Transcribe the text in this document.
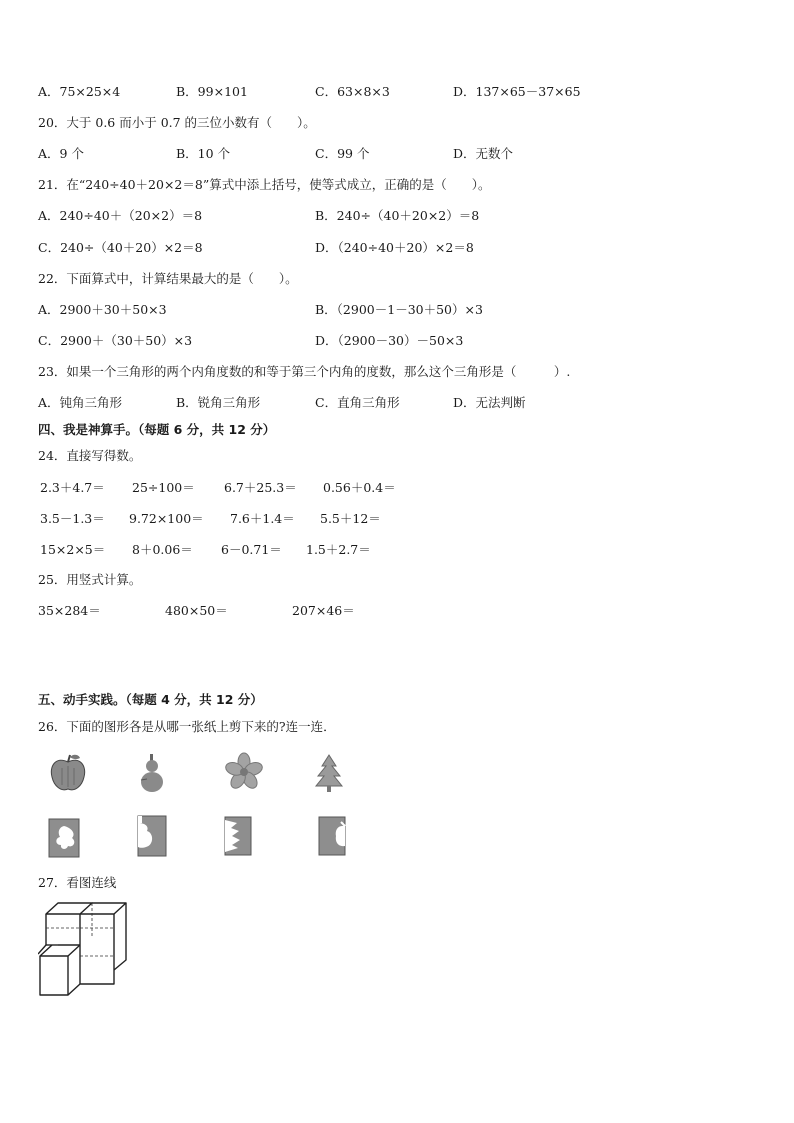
A．75×25×4	B．99×101	C．63×8×3	D．137×65－37×65
20．大于 0.6 而小于 0.7 的三位小数有（　　）。
A．9 个	B．10 个	C．99 个	D．无数个
21．在“240÷40＋20×2＝8”算式中添上括号，使等式成立，正确的是（　　）。
A．240÷40＋（20×2）＝8	B．240÷（40＋20×2）＝8
C．240÷（40＋20）×2＝8	D．（240÷40＋20）×2＝8
22．下面算式中，计算结果最大的是（　　）。
A．2900＋30＋50×3	B．（2900－1－30＋50）×3
C．2900＋（30＋50）×3	D．（2900－30）－50×3
23．如果一个三角形的两个内角度数的和等于第三个内角的度数，那么这个三角形是（　　　）.
A．钝角三角形	B．锐角三角形	C．直角三角形	D．无法判断
四、我是神算手。（每题 6 分，共 12 分）
24．直接写得数。
2.3＋4.7＝ 25÷100＝ 6.7＋25.3＝ 0.56＋0.4＝
3.5－1.3＝ 9.72×100＝ 7.6＋1.4＝ 5.5＋12＝
15×2×5＝ 8＋0.06＝ 6－0.71＝ 1.5＋2.7＝
25．用竖式计算。
35×284＝	480×50＝	207×46＝
五、动手实践。（每题 4 分，共 12 分）
26．下面的图形各是从哪一张纸上剪下来的?连一连．
27．看图连线
